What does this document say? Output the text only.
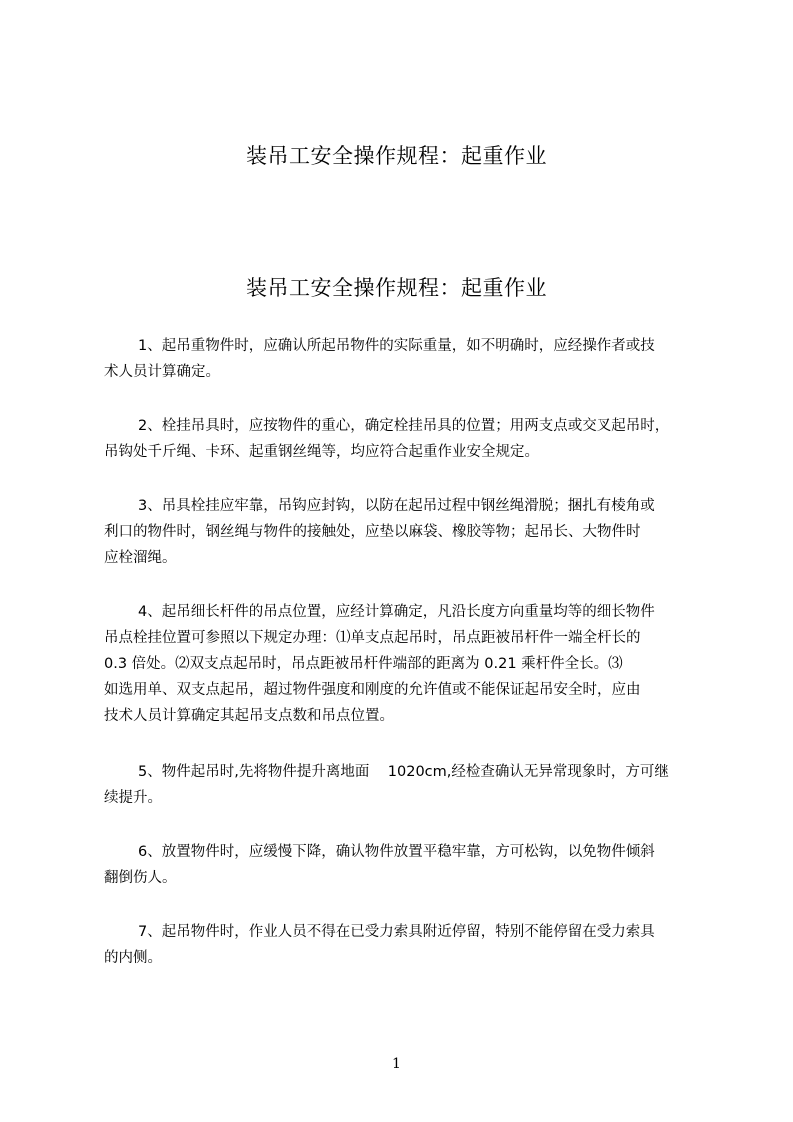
装吊工安全操作规程：起重作业
装吊工安全操作规程：起重作业
1、起吊重物件时，应确认所起吊物件的实际重量，如不明确时，应经操作者或技
术人员计算确定。
2、栓挂吊具时，应按物件的重心，确定栓挂吊具的位置；用两支点或交叉起吊时，
吊钩处千斤绳、卡环、起重钢丝绳等，均应符合起重作业安全规定。
3、吊具栓挂应牢靠，吊钩应封钩，以防在起吊过程中钢丝绳滑脱；捆扎有棱角或
利口的物件时，钢丝绳与物件的接触处，应垫以麻袋、橡胶等物；起吊长、大物件时
应栓溜绳。
4、起吊细长杆件的吊点位置，应经计算确定，凡沿长度方向重量均等的细长物件
吊点栓挂位置可参照以下规定办理：⑴单支点起吊时，吊点距被吊杆件一端全杆长的
0.3 倍处。⑵双支点起吊时，吊点距被吊杆件端部的距离为 0.21 乘杆件全长。⑶
如选用单、双支点起吊，超过物件强度和刚度的允许值或不能保证起吊安全时，应由
技术人员计算确定其起吊支点数和吊点位置。
5、物件起吊时,先将物件提升离地面    1020cm,经检查确认无异常现象时，方可继
续提升。
6、放置物件时，应缓慢下降，确认物件放置平稳牢靠，方可松钩，以免物件倾斜
翻倒伤人。
7、起吊物件时，作业人员不得在已受力索具附近停留，特别不能停留在受力索具
的内侧。
1
